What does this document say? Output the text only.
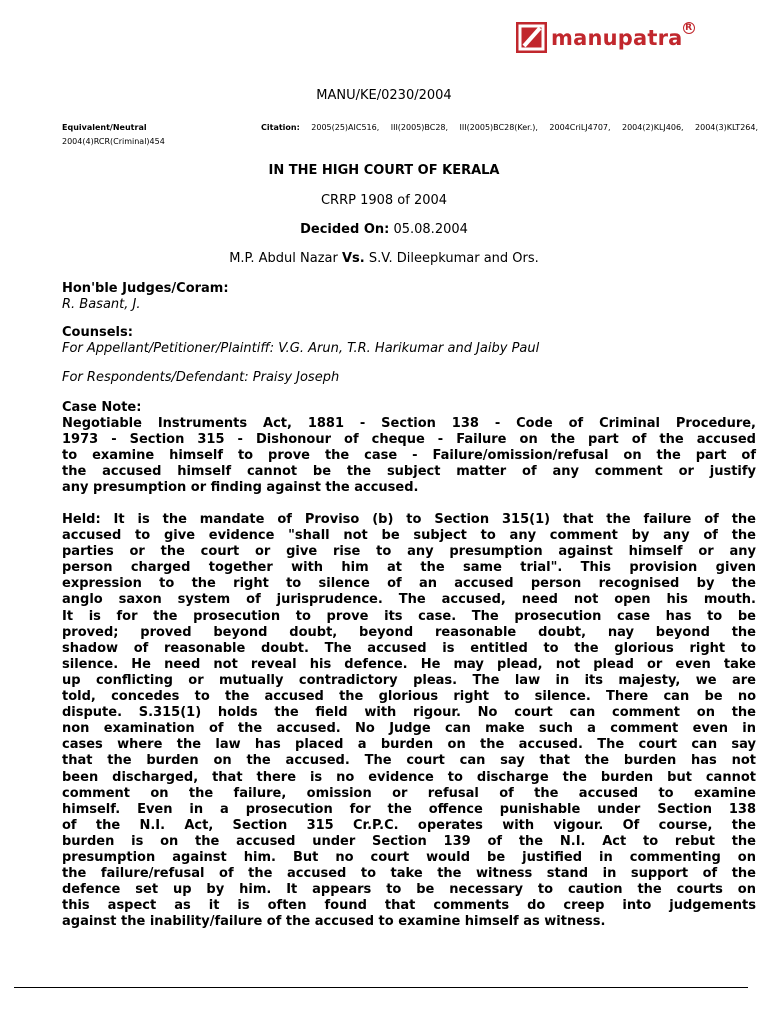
manupatra R
MANU/KE/0230/2004
Equivalent/Neutral	Citation: 2005(25)AIC516, III(2005)BC28, III(2005)BC28(Ker.), 2004CriLJ4707, 2004(2)KLJ406, 2004(3)KLT264,
2004(4)RCR(Criminal)454
IN THE HIGH COURT OF KERALA
CRRP 1908 of 2004
Decided On: 05.08.2004
M.P. Abdul Nazar Vs. S.V. Dileepkumar and Ors.
Hon'ble Judges/Coram:
R. Basant, J.
Counsels:
For Appellant/Petitioner/Plaintiff: V.G. Arun, T.R. Harikumar and Jaiby Paul
For Respondents/Defendant: Praisy Joseph
Case Note:
Negotiable Instruments Act, 1881 - Section 138 - Code of Criminal Procedure,
1973 - Section 315 - Dishonour of cheque - Failure on the part of the accused
to examine himself to prove the case - Failure/omission/refusal on the part of
the accused himself cannot be the subject matter of any comment or justify
any presumption or finding against the accused.
Held: It is the mandate of Proviso (b) to Section 315(1) that the failure of the
accused to give evidence "shall not be subject to any comment by any of the
parties or the court or give rise to any presumption against himself or any
person charged together with him at the same trial". This provision given
expression to the right to silence of an accused person recognised by the
anglo saxon system of jurisprudence. The accused, need not open his mouth.
It is for the prosecution to prove its case. The prosecution case has to be
proved; proved beyond doubt, beyond reasonable doubt, nay beyond the
shadow of reasonable doubt. The accused is entitled to the glorious right to
silence. He need not reveal his defence. He may plead, not plead or even take
up conflicting or mutually contradictory pleas. The law in its majesty, we are
told, concedes to the accused the glorious right to silence. There can be no
dispute. S.315(1) holds the field with rigour. No court can comment on the
non examination of the accused. No Judge can make such a comment even in
cases where the law has placed a burden on the accused. The court can say
that the burden on the accused. The court can say that the burden has not
been discharged, that there is no evidence to discharge the burden but cannot
comment on the failure, omission or refusal of the accused to examine
himself. Even in a prosecution for the offence punishable under Section 138
of the N.I. Act, Section 315 Cr.P.C. operates with vigour. Of course, the
burden is on the accused under Section 139 of the N.I. Act to rebut the
presumption against him. But no court would be justified in commenting on
the failure/refusal of the accused to take the witness stand in support of the
defence set up by him. It appears to be necessary to caution the courts on
this aspect as it is often found that comments do creep into judgements
against the inability/failure of the accused to examine himself as witness.
